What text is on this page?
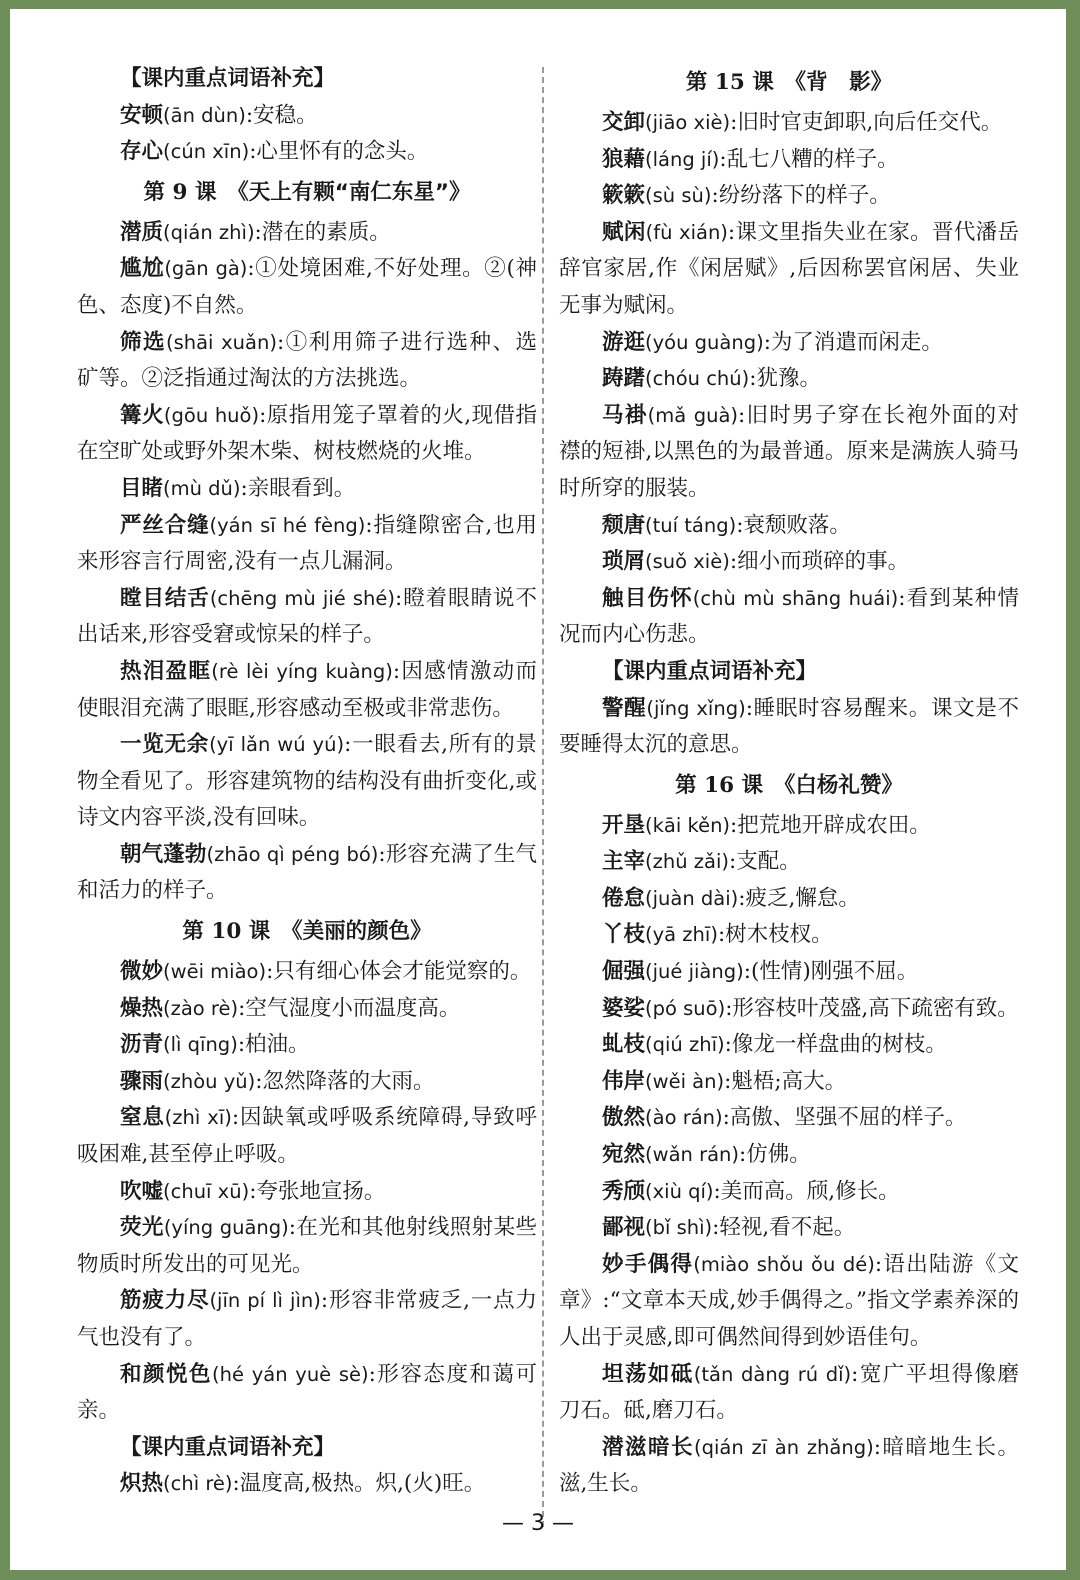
【课内重点词语补充】

安顿(ān dùn):安稳。

存心(cún xīn):心里怀有的念头。

第 9 课　 《天上有颗“南仁东星”》

潜质(qián zhì):潜在的素质。

尴尬(gān gà):①处境困难,不好处理。②(神色、态度)不自然。

筛选(shāi xuǎn):①利用筛子进行选种、选矿等。②泛指通过淘汰的方法挑选。

篝火(gōu huǒ):原指用笼子罩着的火,现借指在空旷处或野外架木柴、树枝燃烧的火堆。

目睹(mù dǔ):亲眼看到。

严丝合缝(yán sī hé fèng):指缝隙密合,也用来形容言行周密,没有一点儿漏洞。

瞠目结舌(chēng mù jié shé):瞪着眼睛说不出话来,形容受窘或惊呆的样子。

热泪盈眶(rè lèi yíng kuàng):因感情激动而使眼泪充满了眼眶,形容感动至极或非常悲伤。

一览无余(yī lǎn wú yú):一眼看去,所有的景物全看见了。形容建筑物的结构没有曲折变化,或诗文内容平淡,没有回味。

朝气蓬勃(zhāo qì péng bó):形容充满了生气和活力的样子。

第 10 课　 《美丽的颜色》

微妙(wēi miào):只有细心体会才能觉察的。

燥热(zào rè):空气湿度小而温度高。

沥青(lì qīng):柏油。

骤雨(zhòu yǔ):忽然降落的大雨。

窒息(zhì xī):因缺氧或呼吸系统障碍,导致呼吸困难,甚至停止呼吸。

吹嘘(chuī xū):夸张地宣扬。

荧光(yíng guāng):在光和其他射线照射某些物质时所发出的可见光。

筋疲力尽(jīn pí lì jìn):形容非常疲乏,一点力气也没有了。

和颜悦色(hé yán yuè sè):形容态度和蔼可亲。

【课内重点词语补充】

炽热(chì rè):温度高,极热。炽,(火)旺。

第 15 课　 《背　影》

交卸(jiāo xiè):旧时官吏卸职,向后任交代。

狼藉(láng jí):乱七八糟的样子。

簌簌(sù sù):纷纷落下的样子。

赋闲(fù xián):课文里指失业在家。晋代潘岳辞官家居,作《闲居赋》,后因称罢官闲居、失业无事为赋闲。

游逛(yóu guàng):为了消遣而闲走。

踌躇(chóu chú):犹豫。

马褂(mǎ guà):旧时男子穿在长袍外面的对襟的短褂,以黑色的为最普通。原来是满族人骑马时所穿的服装。

颓唐(tuí táng):衰颓败落。

琐屑(suǒ xiè):细小而琐碎的事。

触目伤怀(chù mù shāng huái):看到某种情况而内心伤悲。

【课内重点词语补充】

警醒(jǐng xǐng):睡眠时容易醒来。课文是不要睡得太沉的意思。

第 16 课　 《白杨礼赞》

开垦(kāi kěn):把荒地开辟成农田。

主宰(zhǔ zǎi):支配。

倦怠(juàn dài):疲乏,懈怠。

丫枝(yā zhī):树木枝杈。

倔强(jué jiàng):(性情)刚强不屈。

婆娑(pó suō):形容枝叶茂盛,高下疏密有致。

虬枝(qiú zhī):像龙一样盘曲的树枝。

伟岸(wěi àn):魁梧;高大。

傲然(ào rán):高傲、坚强不屈的样子。

宛然(wǎn rán):仿佛。

秀颀(xiù qí):美而高。颀,修长。

鄙视(bǐ shì):轻视,看不起。

妙手偶得(miào shǒu ǒu dé):语出陆游《文章》:“文章本天成,妙手偶得之。”指文学素养深的人出于灵感,即可偶然间得到妙语佳句。

坦荡如砥(tǎn dàng rú dǐ):宽广平坦得像磨刀石。砥,磨刀石。

潜滋暗长(qián zī àn zhǎng):暗暗地生长。滋,生长。

— 3 —
